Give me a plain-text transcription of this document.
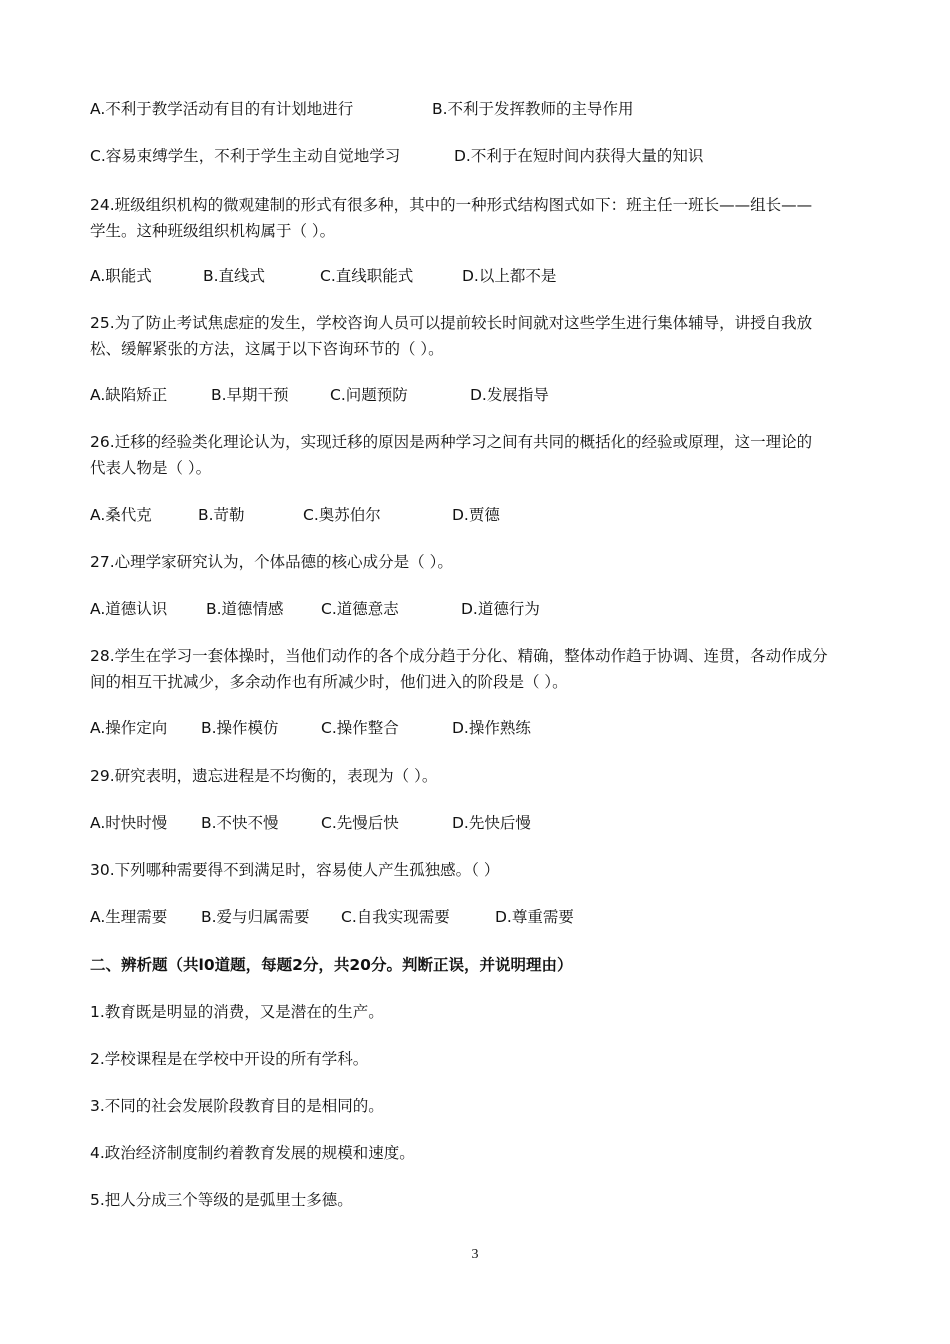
A.不利于教学活动有目的有计划地进行	B.不利于发挥教师的主导作用
C.容易束缚学生，不利于学生主动自觉地学习	D.不利于在短时间内获得大量的知识
24.班级组织机构的微观建制的形式有很多种，其中的一种形式结构图式如下：班主任一班长——组长——
学生。这种班级组织机构属于（ ）。
A.职能式	B.直线式	C.直线职能式	D.以上都不是
25.为了防止考试焦虑症的发生，学校咨询人员可以提前较长时间就对这些学生进行集体辅导，讲授自我放
松、缓解紧张的方法，这属于以下咨询环节的（ ）。
A.缺陷矫正	B.早期干预	C.问题预防	D.发展指导
26.迁移的经验类化理论认为，实现迁移的原因是两种学习之间有共同的概括化的经验或原理，这一理论的
代表人物是（ ）。
A.桑代克	B.苛勒	C.奥苏伯尔	D.贾德
27.心理学家研究认为，个体品德的核心成分是（ ）。
A.道德认识 B.道德情感 C.道德意志	D.道德行为
28.学生在学习一套体操时，当他们动作的各个成分趋于分化、精确，整体动作趋于协调、连贯，各动作成分
间的相互干扰减少，多余动作也有所减少时，他们进入的阶段是（ ）。
A.操作定向 B.操作模仿	C.操作整合	D.操作熟练
29.研究表明，遗忘进程是不均衡的，表现为（ ）。
A.时快时慢 B.不快不慢	C.先慢后快	D.先快后慢
30.下列哪种需要得不到满足时，容易使人产生孤独感。（ ）
A.生理需要 B.爱与归属需要 C.自我实现需要	D.尊重需要
二、辨析题（共l0道题，每题2分，共20分。判断正误，并说明理由）
1.教育既是明显的消费，又是潜在的生产。
2.学校课程是在学校中开设的所有学科。
3.不同的社会发展阶段教育目的是相同的。
4.政治经济制度制约着教育发展的规模和速度。
5.把人分成三个等级的是弧里士多德。
3
